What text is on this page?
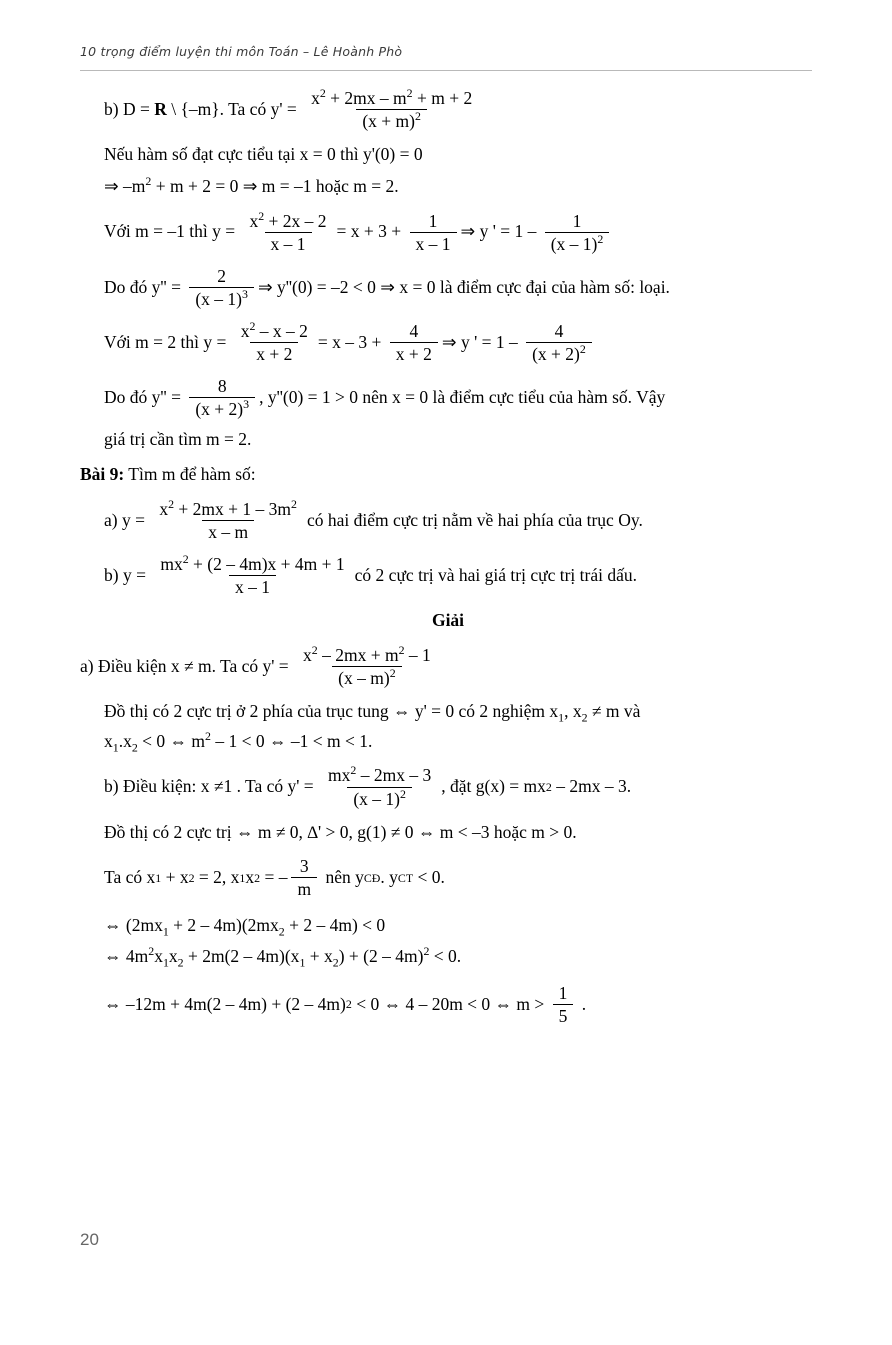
10 trọng điểm luyện thi môn Toán – Lê Hoành Phò
b) D = R \ {–m}. Ta có $y' = \frac{x^2 + 2mx - m^2 + m + 2}{(x + m)^2}$
Nếu hàm số đạt cực tiểu tại x = 0 thì y'(0) = 0
⇒ $-m^2 + m + 2 = 0$ ⇒ m = –1 hoặc m = 2.
Với m = –1 thì $y = \frac{x^2 + 2x - 2}{x - 1} = x + 3 + \frac{1}{x - 1}$ ⇒ y ' = $1 - \frac{1}{(x - 1)^2}$
Do đó $y'' = \frac{2}{(x - 1)^3}$ ⇒ y''(0) = –2 < 0 ⇒ x = 0 là điểm cực đại của hàm số: loại.
Với m = 2 thì $y = \frac{x^2 - x - 2}{x + 2} = x - 3 + \frac{4}{x + 2}$ ⇒ y ' = $1 - \frac{4}{(x + 2)^2}$
Do đó $y'' = \frac{8}{(x + 2)^3}$ , y''(0) = 1 > 0 nên x = 0 là điểm cực tiểu của hàm số. Vậy
giá trị cần tìm m = 2.
Bài 9: Tìm m để hàm số:
a) $y = \frac{x^2 + 2mx + 1 - 3m^2}{x - m}$ có hai điểm cực trị nằm về hai phía của trục Oy.
b) $y = \frac{mx^2 + (2 - 4m)x + 4m + 1}{x - 1}$ có 2 cực trị và hai giá trị cực trị trái dấu.
Giải
a) Điều kiện x ≠ m. Ta có $y' = \frac{x^2 - 2mx + m^2 - 1}{(x - m)^2}$
Đồ thị có 2 cực trị ở 2 phía của trục tung ⇔ y' = 0 có 2 nghiệm $x_1$, $x_2 \ne m$ và
$x_1.x_2 < 0$ ⇔ $m^2 - 1 < 0$ ⇔ –1 < m < 1.
b) Điều kiện: x ≠1 . Ta có $y' = \frac{mx^2 - 2mx - 3}{(x - 1)^2}$ , đặt g(x) = mx 2 – 2mx – 3.
Đồ thị có 2 cực trị ⇔ m ≠ 0, ∆' > 0, g(1) ≠ 0 ⇔ m < –3 hoặc m > 0.
Ta có x 1 + x 2 = 2, x 1 x 2 = – $\frac{3}{m}$ nên y CĐ . y CT < 0.
⇔ $(2mx_1 + 2 - 4m)(2mx_2 + 2 - 4m) < 0$
⇔ $4m^2x_1x_2 + 2m(2 - 4m)(x_1 + x_2) + (2 - 4m)^2 < 0$.
⇔ –12m + 4m(2 – 4m) + (2 – 4m) 2 < 0 ⇔ 4 – 20m < 0 ⇔ $m > \frac{1}{5}$ .
20
